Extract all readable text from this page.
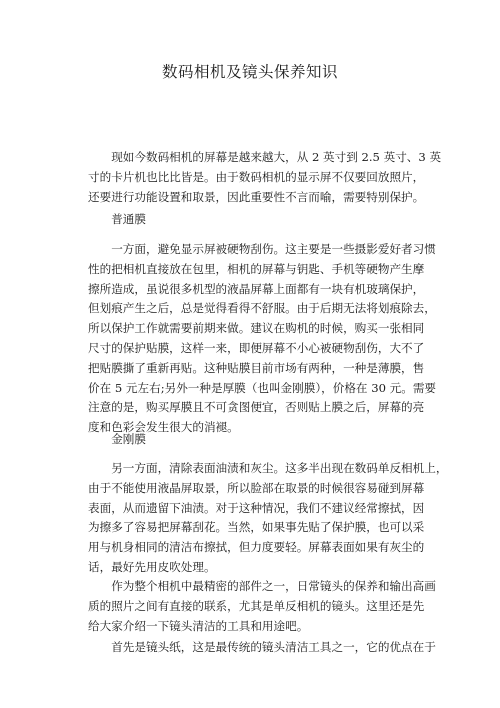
数码相机及镜头保养知识
　　现如今数码相机的屏幕是越来越大，从 2 英寸到 2.5 英寸、3 英
寸的卡片机也比比皆是。由于数码相机的显示屏不仅要回放照片，
还要进行功能设置和取景，因此重要性不言而喻，需要特别保护。
　　普通膜
　　一方面，避免显示屏被硬物刮伤。这主要是一些摄影爱好者习惯
性的把相机直接放在包里，相机的屏幕与钥匙、手机等硬物产生摩
擦所造成，虽说很多机型的液晶屏幕上面都有一块有机玻璃保护，
但划痕产生之后，总是觉得看得不舒服。由于后期无法将划痕除去，
所以保护工作就需要前期来做。建议在购机的时候，购买一张相同
尺寸的保护贴膜，这样一来，即便屏幕不小心被硬物刮伤，大不了
把贴膜撕了重新再贴。这种贴膜目前市场有两种，一种是薄膜，售
价在 5 元左右;另外一种是厚膜（也叫金刚膜），价格在 30 元。需要
注意的是，购买厚膜且不可贪图便宜，否则贴上膜之后，屏幕的亮
度和色彩会发生很大的消褪。
　　金刚膜
　　另一方面，清除表面油渍和灰尘。这多半出现在数码单反相机上，
由于不能使用液晶屏取景，所以脸部在取景的时候很容易碰到屏幕
表面，从而遗留下油渍。对于这种情况，我们不建议经常擦拭，因
为擦多了容易把屏幕刮花。当然，如果事先贴了保护膜，也可以采
用与机身相同的清洁布擦拭，但力度要轻。屏幕表面如果有灰尘的
话，最好先用皮吹处理。
　　作为整个相机中最精密的部件之一，日常镜头的保养和输出高画
质的照片之间有直接的联系，尤其是单反相机的镜头。这里还是先
给大家介绍一下镜头清洁的工具和用途吧。
　　首先是镜头纸，这是最传统的镜头清洁工具之一，它的优点在于
